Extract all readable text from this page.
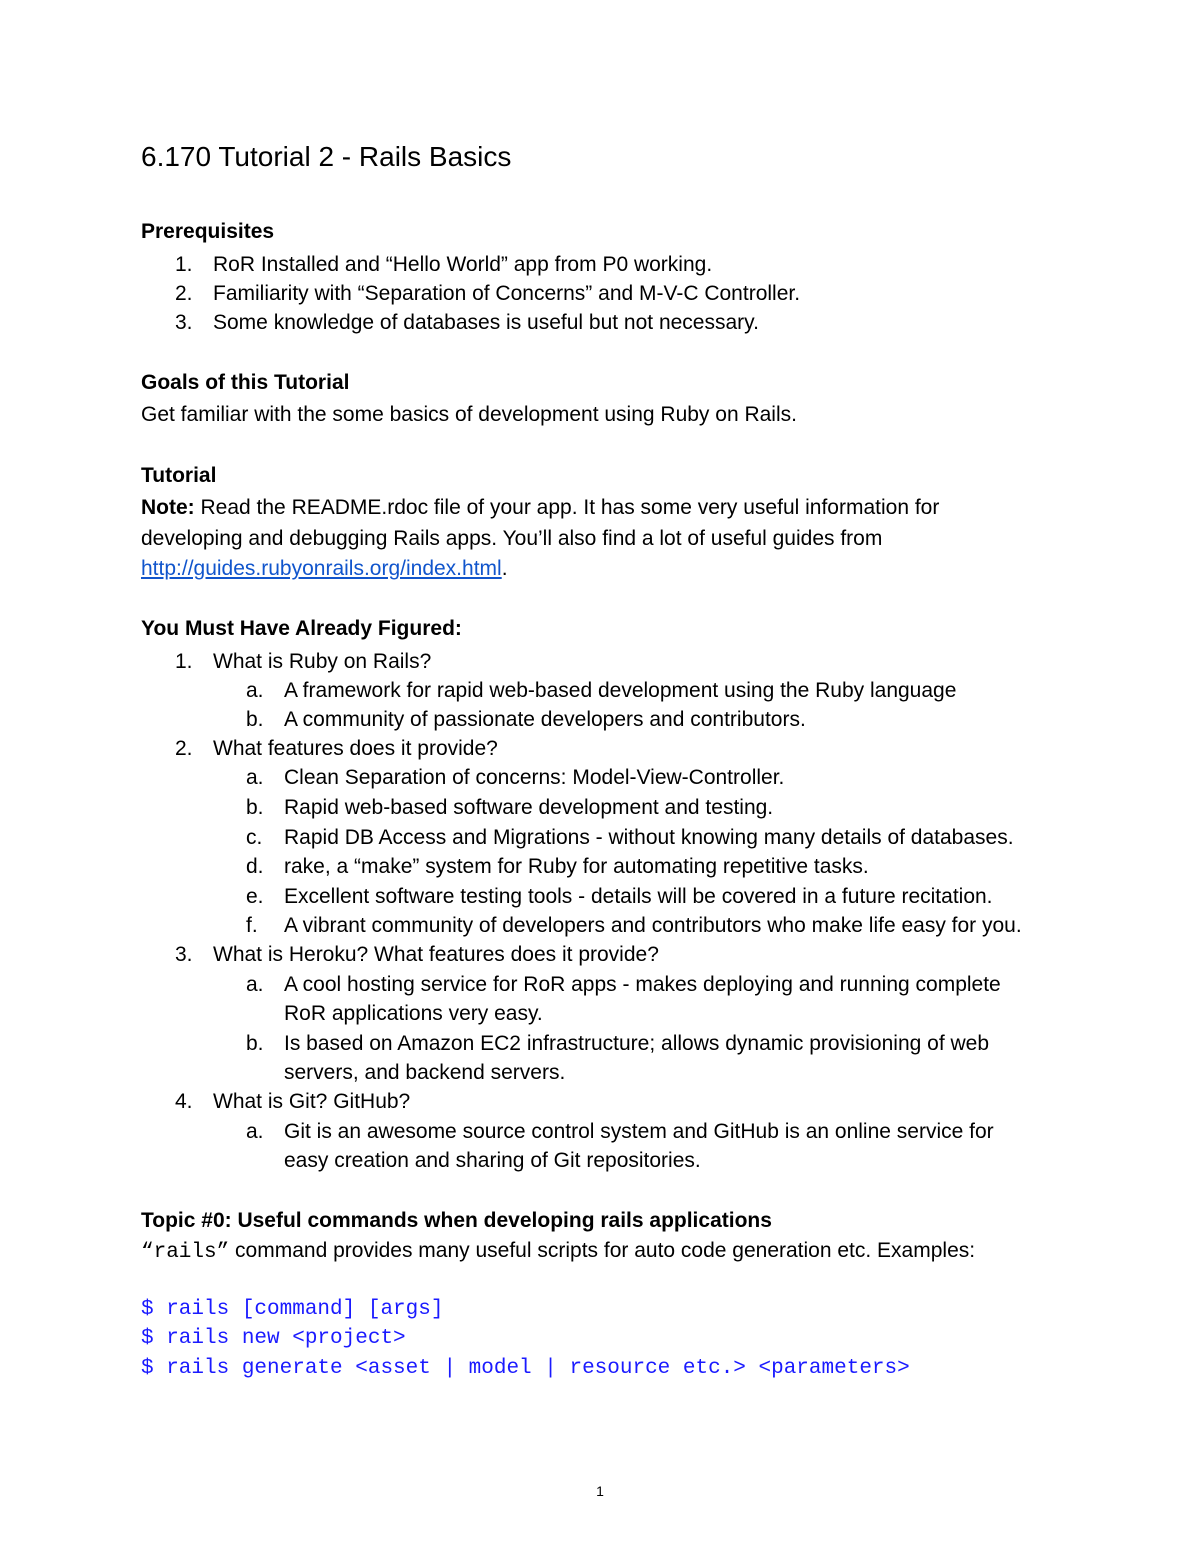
6.170 Tutorial 2 - Rails Basics
Prerequisites
1. RoR Installed and “Hello World” app from P0 working.
2. Familiarity with “Separation of Concerns” and M-V-C Controller.
3. Some knowledge of databases is useful but not necessary.
Goals of this Tutorial

Get familiar with the some basics of development using Ruby on Rails.

Tutorial

Note: Read the README.rdoc file of your app. It has some very useful information for

developing and debugging Rails apps. You’ll also find a lot of useful guides from

http://guides.rubyonrails.org/index.html.

You Must Have Already Figured:
1. What is Ruby on Rails?
a. A framework for rapid web-based development using the Ruby language
b. A community of passionate developers and contributors.
2. What features does it provide?
a. Clean Separation of concerns: Model-View-Controller.
b. Rapid web-based software development and testing.
c.	Rapid DB Access and Migrations - without knowing many details of databases.
d. rake, a “make” system for Ruby for automating repetitive tasks.
e. Excellent software testing tools - details will be covered in a future recitation.
f.	A vibrant community of developers and contributors who make life easy for you.
3. What is Heroku? What features does it provide?
a. A cool hosting service for RoR apps - makes deploying and running complete
RoR applications very easy.
b. Is based on Amazon EC2 infrastructure; allows dynamic provisioning of web
servers, and backend servers.
4. What is Git? GitHub?
a. Git is an awesome source control system and GitHub is an online service for
easy creation and sharing of Git repositories.
Topic #0: Useful commands when developing rails applications

“rails” command provides many useful scripts for auto code generation etc. Examples:

$ rails [command] [args]
$ rails new <project>
$ rails generate <asset | model | resource etc.> <parameters>
1
